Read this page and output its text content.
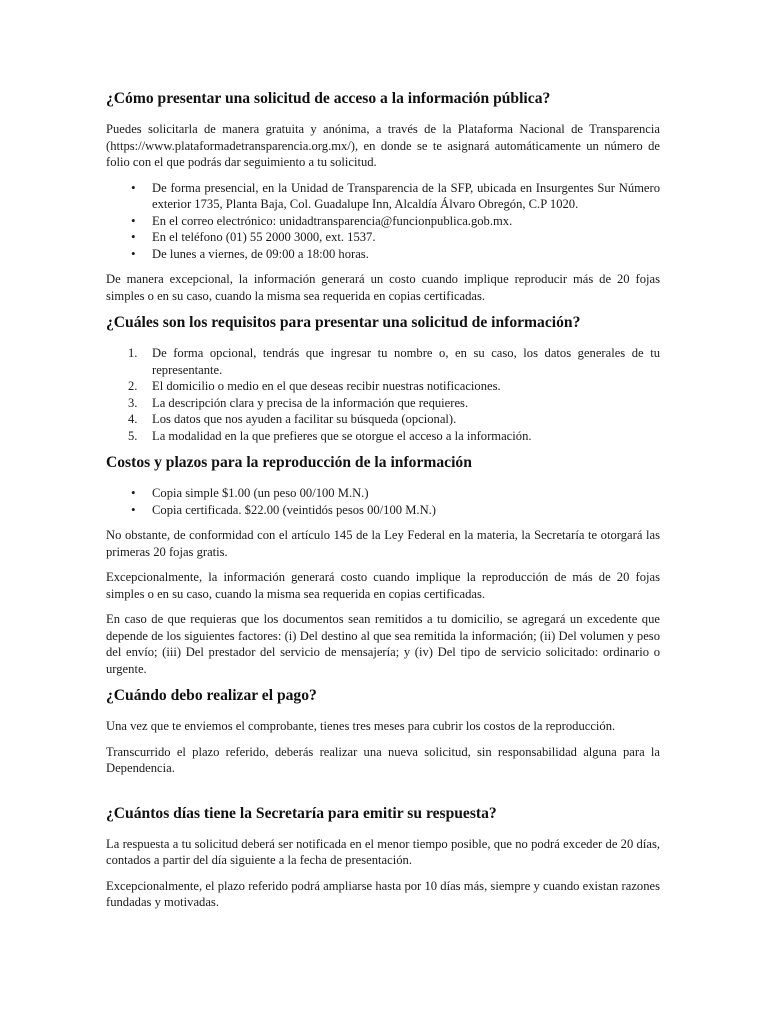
¿Cómo presentar una solicitud de acceso a la información pública?

Puedes solicitarla de manera gratuita y anónima, a través de la Plataforma Nacional de Transparencia (https://www.plataformadetransparencia.org.mx/), en donde se te asignará automáticamente un número de folio con el que podrás dar seguimiento a tu solicitud.

• De forma presencial, en la Unidad de Transparencia de la SFP, ubicada en Insurgentes Sur Número exterior 1735, Planta Baja, Col. Guadalupe Inn, Alcaldía Álvaro Obregón, C.P 1020.
• En el correo electrónico: unidadtransparencia@funcionpublica.gob.mx.
• En el teléfono (01) 55 2000 3000, ext. 1537.
• De lunes a viernes, de 09:00 a 18:00 horas.

De manera excepcional, la información generará un costo cuando implique reproducir más de 20 fojas simples o en su caso, cuando la misma sea requerida en copias certificadas.

¿Cuáles son los requisitos para presentar una solicitud de información?
1. De forma opcional, tendrás que ingresar tu nombre o, en su caso, los datos generales de tu representante.
2. El domicilio o medio en el que deseas recibir nuestras notificaciones.
3. La descripción clara y precisa de la información que requieres.
4. Los datos que nos ayuden a facilitar su búsqueda (opcional).
5. La modalidad en la que prefieres que se otorgue el acceso a la información.
Costos y plazos para la reproducción de la información
• Copia simple $1.00 (un peso 00/100 M.N.)
• Copia certificada. $22.00 (veintidós pesos 00/100 M.N.)

No obstante, de conformidad con el artículo 145 de la Ley Federal en la materia, la Secretaría te otorgará las primeras 20 fojas gratis.

Excepcionalmente, la información generará costo cuando implique la reproducción de más de 20 fojas simples o en su caso, cuando la misma sea requerida en copias certificadas.

En caso de que requieras que los documentos sean remitidos a tu domicilio, se agregará un excedente que depende de los siguientes factores: (i) Del destino al que sea remitida la información; (ii) Del volumen y peso del envío; (iii) Del prestador del servicio de mensajería; y (iv) Del tipo de servicio solicitado: ordinario o urgente.

¿Cuándo debo realizar el pago?

Una vez que te enviemos el comprobante, tienes tres meses para cubrir los costos de la reproducción.

Transcurrido el plazo referido, deberás realizar una nueva solicitud, sin responsabilidad alguna para la Dependencia.

¿Cuántos días tiene la Secretaría para emitir su respuesta?

La respuesta a tu solicitud deberá ser notificada en el menor tiempo posible, que no podrá exceder de 20 días, contados a partir del día siguiente a la fecha de presentación.

Excepcionalmente, el plazo referido podrá ampliarse hasta por 10 días más, siempre y cuando existan razones fundadas y motivadas.
